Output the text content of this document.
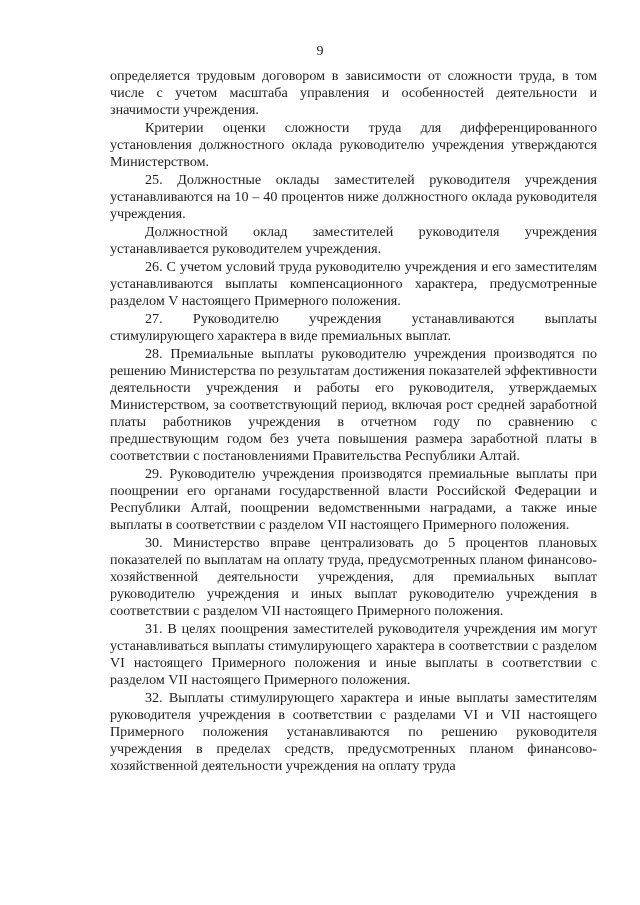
9

определяется трудовым договором в зависимости от сложности труда, в том числе с учетом масштаба управления и особенностей деятельности и значимости учреждения.

Критерии оценки сложности труда для дифференцированного установления должностного оклада руководителю учреждения утверждаются Министерством.

25. Должностные оклады заместителей руководителя учреждения устанавливаются на 10 – 40 процентов ниже должностного оклада руководителя учреждения.

Должностной оклад заместителей руководителя учреждения устанавливается руководителем учреждения.

26. С учетом условий труда руководителю учреждения и его заместителям устанавливаются выплаты компенсационного характера, предусмотренные разделом V настоящего Примерного положения.

27. Руководителю учреждения устанавливаются выплаты стимулирующего характера в виде премиальных выплат.

28. Премиальные выплаты руководителю учреждения производятся по решению Министерства по результатам достижения показателей эффективности деятельности учреждения и работы его руководителя, утверждаемых Министерством, за соответствующий период, включая рост средней заработной платы работников учреждения в отчетном году по сравнению с предшествующим годом без учета повышения размера заработной платы в соответствии с постановлениями Правительства Республики Алтай.

29. Руководителю учреждения производятся премиальные выплаты при поощрении его органами государственной власти Российской Федерации и Республики Алтай, поощрении ведомственными наградами, а также иные выплаты в соответствии с разделом VII настоящего Примерного положения.

30. Министерство вправе централизовать до 5 процентов плановых показателей по выплатам на оплату труда, предусмотренных планом финансово-хозяйственной деятельности учреждения, для премиальных выплат руководителю учреждения и иных выплат руководителю учреждения в соответствии с разделом VII настоящего Примерного положения.

31. В целях поощрения заместителей руководителя учреждения им могут устанавливаться выплаты стимулирующего характера в соответствии с разделом VI настоящего Примерного положения и иные выплаты в соответствии с разделом VII настоящего Примерного положения.

32. Выплаты стимулирующего характера и иные выплаты заместителям руководителя учреждения в соответствии с разделами VI и VII настоящего Примерного положения устанавливаются по решению руководителя учреждения в пределах средств, предусмотренных планом финансово-хозяйственной деятельности учреждения на оплату труда
